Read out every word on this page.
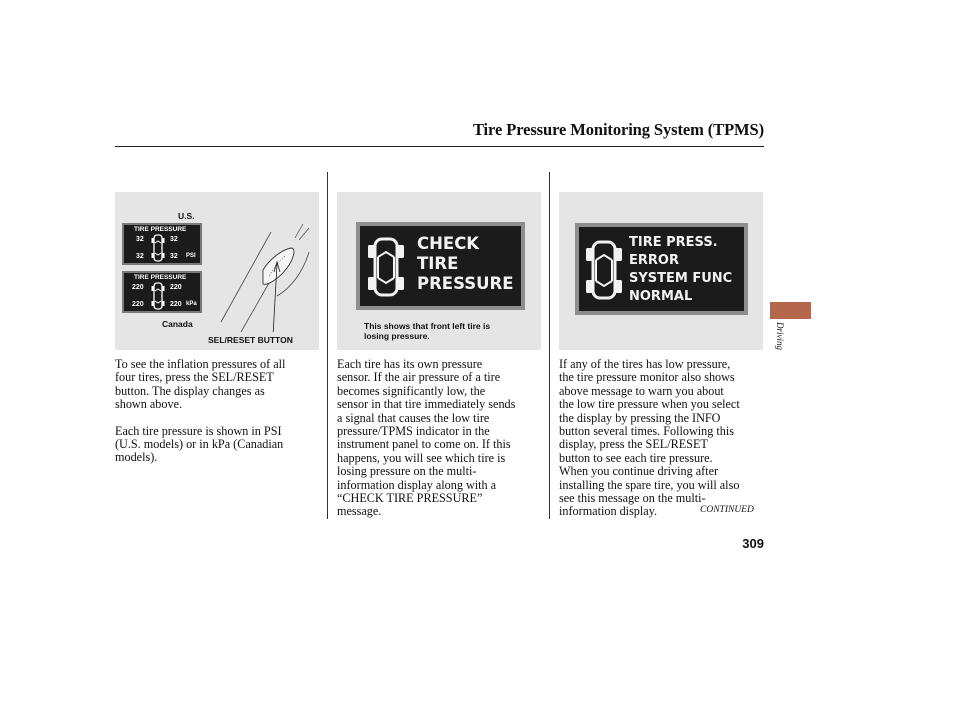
Tire Pressure Monitoring System (TPMS)
U.S.
TIRE PRESSURE
32	32
32	32 PSI
TIRE PRESSURE
220	220
220	220 kPa
Canada
SEL/RESET BUTTON
CHECK
TIRE
PRESSURE
This shows that front left tire is
losing pressure.
TIRE PRESS.
ERROR
SYSTEM FUNC
NORMAL

To see the inflation pressures of all
four tires, press the SEL/RESET
button. The display changes as
shown above.

Each tire pressure is shown in PSI
(U.S. models) or in kPa (Canadian
models).

Each tire has its own pressure
sensor. If the air pressure of a tire
becomes significantly low, the
sensor in that tire immediately sends
a signal that causes the low tire
pressure/TPMS indicator in the
instrument panel to come on. If this
happens, you will see which tire is
losing pressure on the multi-
information display along with a
“CHECK TIRE PRESSURE”
message.

If any of the tires has low pressure,
the tire pressure monitor also shows
above message to warn you about
the low tire pressure when you select
the display by pressing the INFO
button several times. Following this
display, press the SEL/RESET
button to see each tire pressure.
When you continue driving after
installing the spare tire, you will also
see this message on the multi-
information display.	CONTINUED
309
Driving
